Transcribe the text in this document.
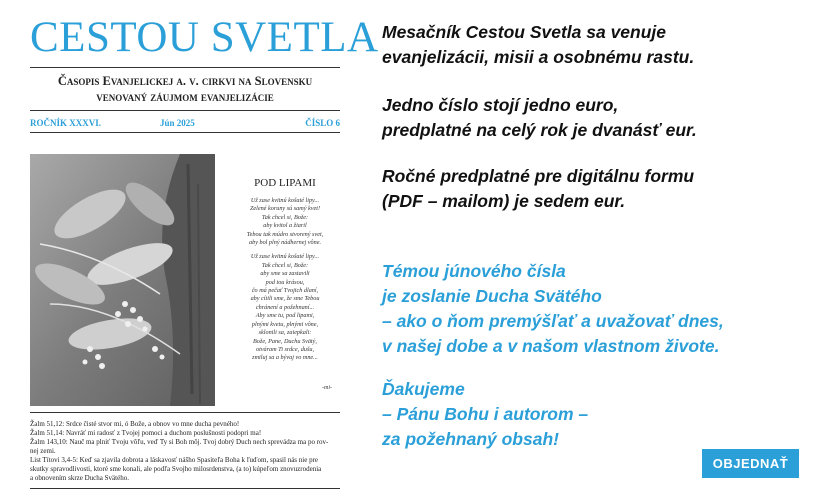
CESTOU SVETLA
Časopis Evanjelickej a. v. cirkvi na Slovensku
venovaný záujmom evanjelizácie
ROČNÍK XXXVI.	Jún 2025	ČÍSLO 6
POD LIPAMI
Už zase kvitnú košaté lipy...
Zelené koruny sú samý kvet!
Tak chcel si, Bože:
aby kvitol a žiaril
Tebou tak múdro stvorený svet,
aby bol plný nádhernej vône.
Už zase kvitnú košaté lipy...
Tak chcel si, Bože:
aby sme sa zastavili
pod tou krásou,
čo má pečať Tvojich dlaní,
aby cítili sme, že sme Tebou
chránení a požehnaní...
Aby sme tu, pod lipami,
plnými kvetu, plnými vône,
sklonili sa, zaiepkali:
Bože, Pane, Duchu Svätý,
otváram Ti srdce, dušu,
zmiluj sa a bývaj vo mne...
-mi-
Žalm 51,12: Srdce čisté stvor mi, ó Bože, a obnov vo mne ducha pevného!
Žalm 51,14: Navráť mi radosť z Tvojej pomoci a duchom poslušnosti podopri ma!
Žalm 143,10: Nauč ma plniť Tvoju vôľu, veď Ty si Boh môj. Tvoj dobrý Duch nech sprevádza ma po rov-
nej zemi.
List Títovi 3,4-5: Keď sa zjavila dobrota a láskavosť nášho Spasiteľa Boha k ľuďom, spasil nás nie pre
skutky spravodlivosti, ktoré sme konali, ale podľa Svojho milosrdenstva, (a to) kúpeľom znovuzrodenia
a obnovením skrze Ducha Svätého.
Mesačník Cestou Svetla sa venuje
evanjelizácii, misii a osobnému rastu.
Jedno číslo stojí jedno euro,
predplatné na celý rok je dvanásť eur.
Ročné predplatné pre digitálnu formu
(PDF – mailom) je sedem eur.
Témou júnového čísla
je zoslanie Ducha Svätého
– ako o ňom premýšľať a uvažovať dnes,
v našej dobe a v našom vlastnom živote.
Ďakujeme
– Pánu Bohu i autorom –
za požehnaný obsah!
OBJEDNAŤ
